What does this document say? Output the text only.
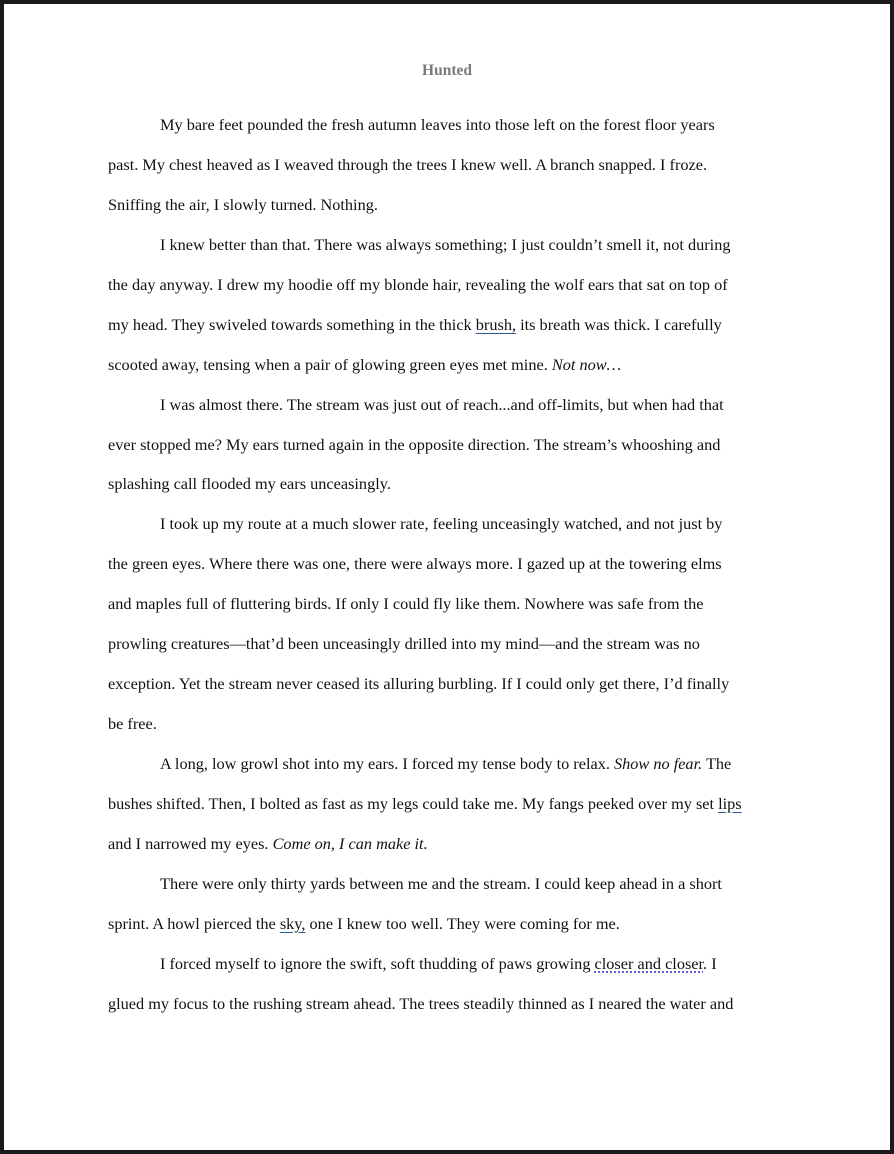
Hunted
My bare feet pounded the fresh autumn leaves into those left on the forest floor years
past. My chest heaved as I weaved through the trees I knew well. A branch snapped. I froze.
Sniffing the air, I slowly turned. Nothing.
I knew better than that. There was always something; I just couldn’t smell it, not during
the day anyway. I drew my hoodie off my blonde hair, revealing the wolf ears that sat on top of
my head. They swiveled towards something in the thick brush, its breath was thick. I carefully
scooted away, tensing when a pair of glowing green eyes met mine. Not now…
I was almost there. The stream was just out of reach...and off-limits, but when had that
ever stopped me? My ears turned again in the opposite direction. The stream’s whooshing and
splashing call flooded my ears unceasingly.
I took up my route at a much slower rate, feeling unceasingly watched, and not just by
the green eyes. Where there was one, there were always more. I gazed up at the towering elms
and maples full of fluttering birds. If only I could fly like them. Nowhere was safe from the
prowling creatures—that’d been unceasingly drilled into my mind—and the stream was no
exception. Yet the stream never ceased its alluring burbling. If I could only get there, I’d finally
be free.
A long, low growl shot into my ears. I forced my tense body to relax. Show no fear. The
bushes shifted. Then, I bolted as fast as my legs could take me. My fangs peeked over my set lips
and I narrowed my eyes. Come on, I can make it.
There were only thirty yards between me and the stream. I could keep ahead in a short
sprint. A howl pierced the sky, one I knew too well. They were coming for me.
I forced myself to ignore the swift, soft thudding of paws growing closer and closer. I
glued my focus to the rushing stream ahead. The trees steadily thinned as I neared the water and
